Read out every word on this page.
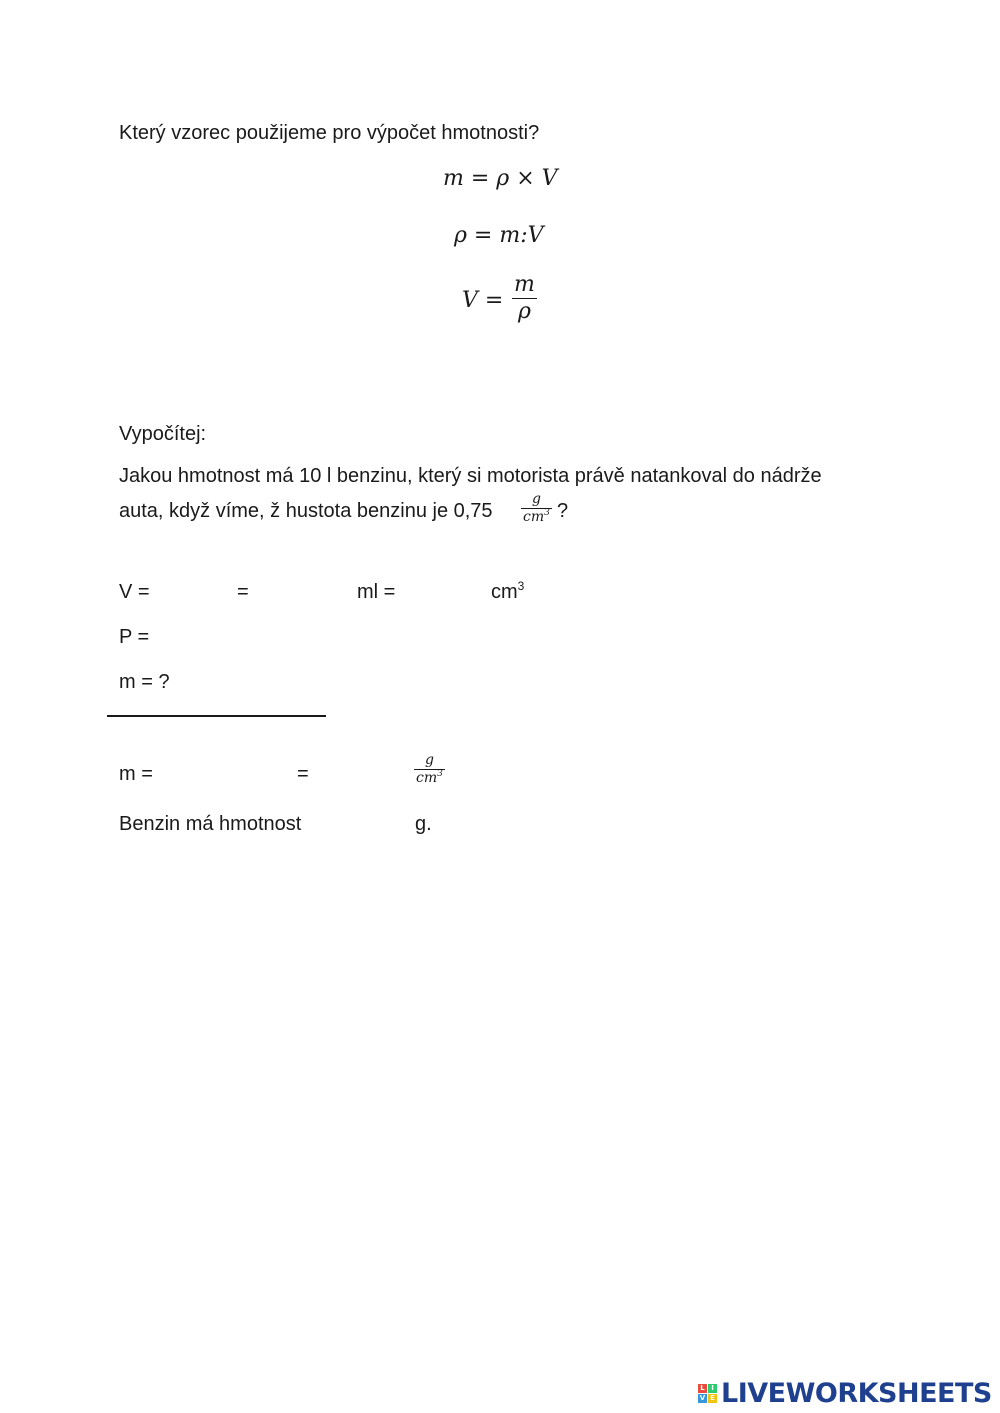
Který vzorec použijeme pro výpočet hmotnosti?
m = ρ × V
ρ = m:V
V =
m
ρ
Vypočítej:
Jakou hmotnost má 10 l benzinu, který si motorista právě natankoval do nádrže
auta, když víme, ž hustota benzinu je 0,75
g
$cm^3$ ?
V =	=	ml =	$cm^3$
P =
m = ?
m =	=
g
$cm^3$
Benzin má hmotnost	g.
L I
V E LIVEWORKSHEETS
